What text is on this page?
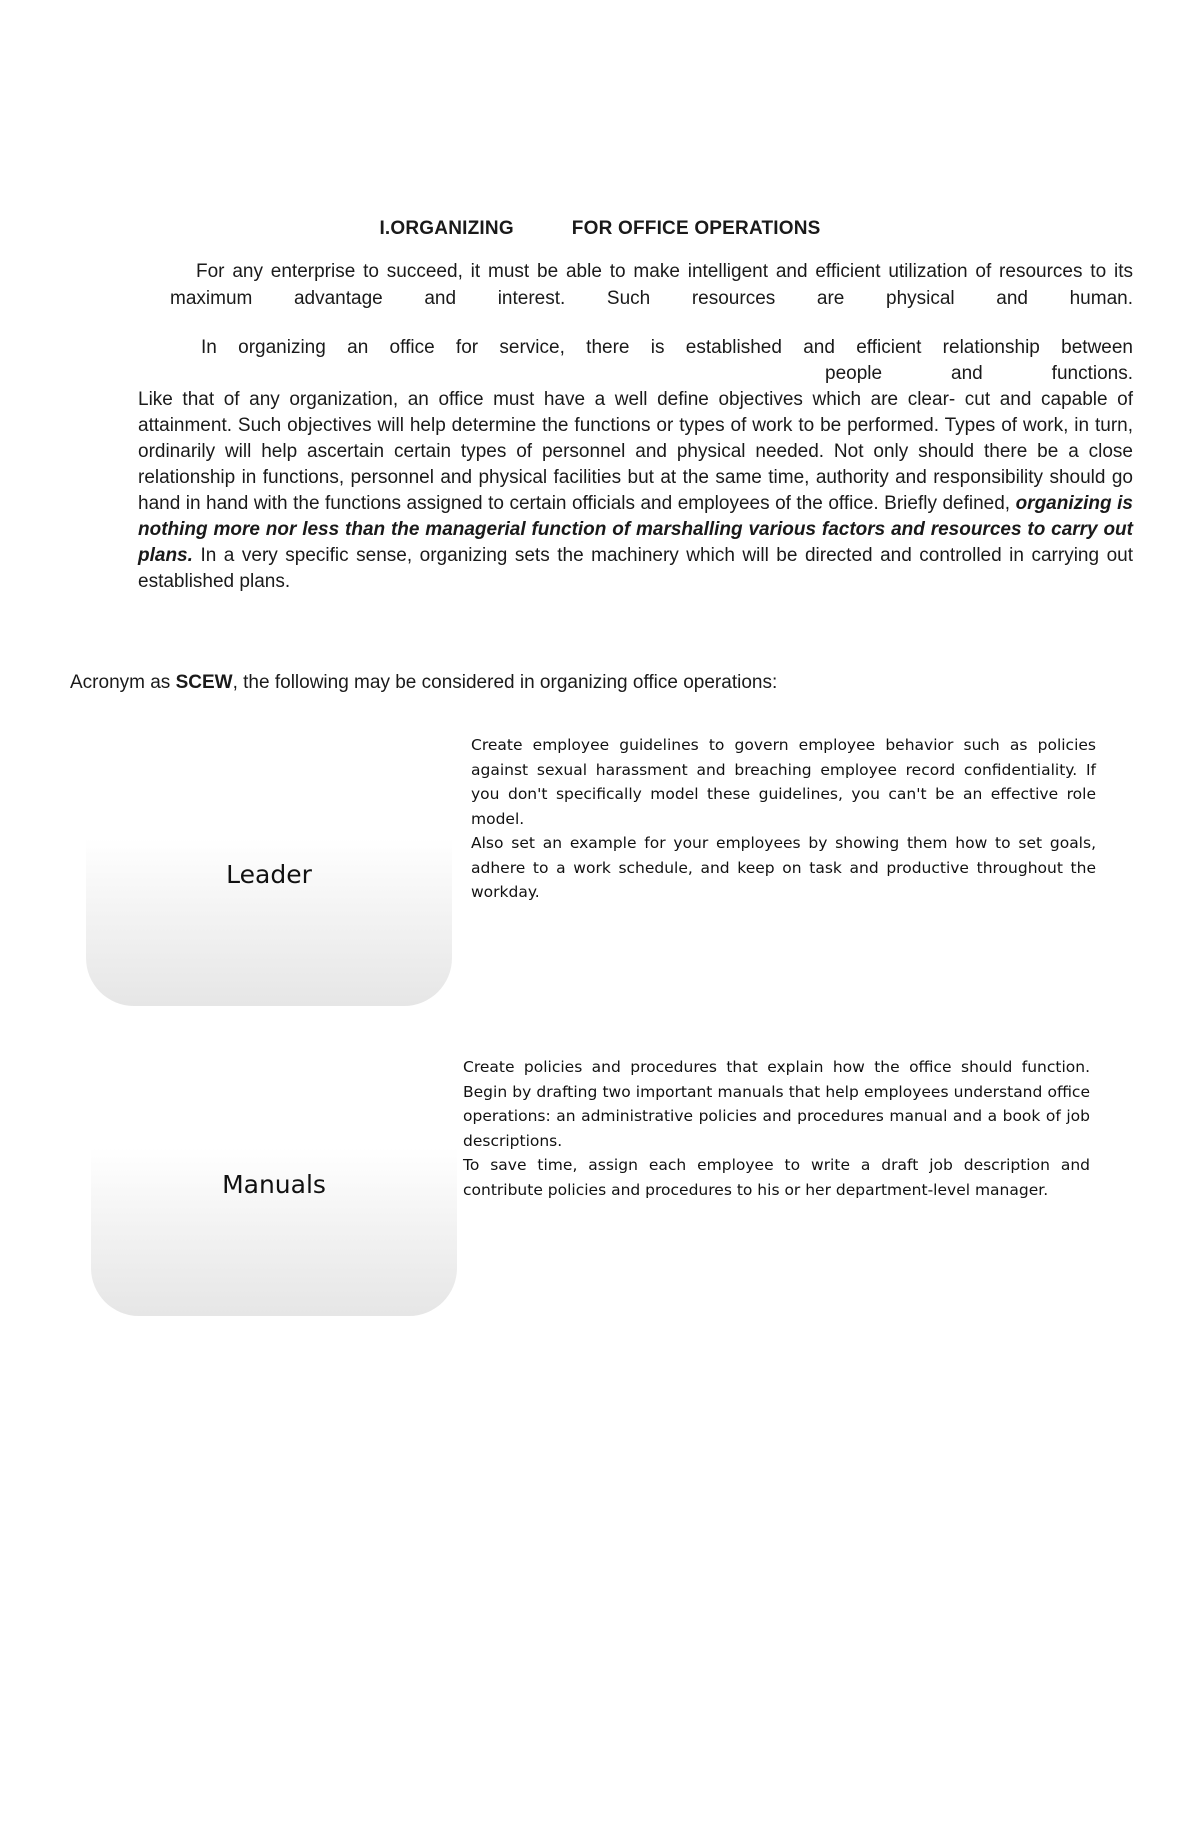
I.ORGANIZING	FOR OFFICE OPERATIONS
For any enterprise to succeed, it must be able to make intelligent and efficient utilization of resources to its maximum advantage and interest. Such resources are physical and human.
In organizing an office for service, there is established and efficient relationship between
people and functions.
Like that of any organization, an office must have a well define objectives which are clear- cut and capable of attainment. Such objectives will help determine the functions or types of work to be performed. Types of work, in turn, ordinarily will help ascertain certain types of personnel and physical needed. Not only should there be a close relationship in functions, personnel and physical facilities but at the same time, authority and responsibility should go hand in hand with the functions assigned to certain officials and employees of the office. Briefly defined, organizing is nothing more nor less than the managerial function of marshalling various factors and resources to carry out plans. In a very specific sense, organizing sets the machinery which will be directed and controlled in carrying out established plans.
Acronym as SCEW, the following may be considered in organizing office operations:
Leader

Create employee guidelines to govern employee behavior such as policies against sexual harassment and breaching employee record confidentiality. If you don't specifically model these guidelines, you can't be an effective role model.

Also set an example for your employees by showing them how to set goals, adhere to a work schedule, and keep on task and productive throughout the workday.

Manuals

Create policies and procedures that explain how the office should function. Begin by drafting two important manuals that help employees understand office operations: an administrative policies and procedures manual and a book of job descriptions.

To save time, assign each employee to write a draft job description and contribute policies and procedures to his or her department-level manager.
